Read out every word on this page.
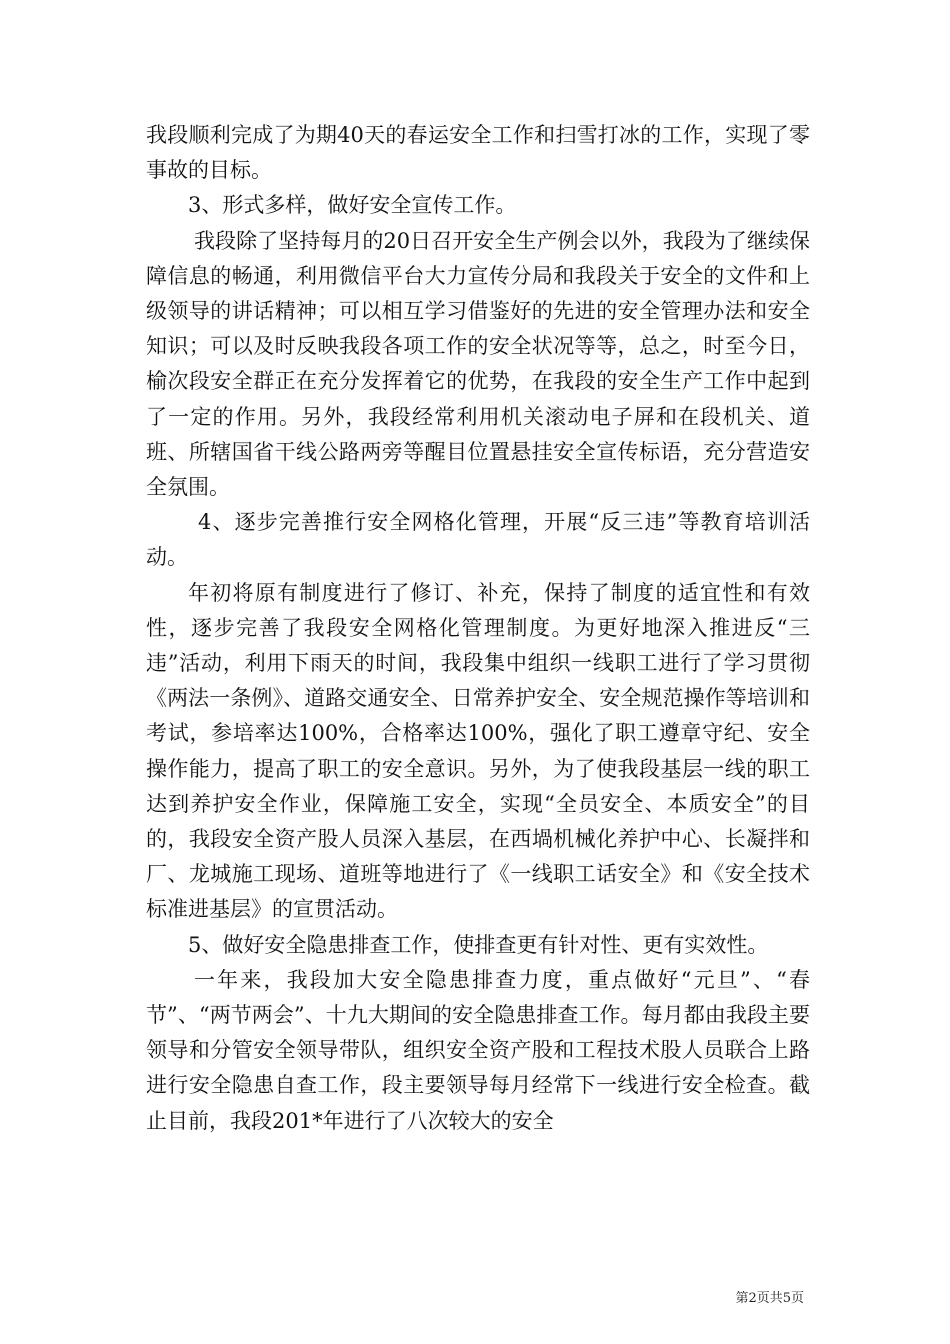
我段顺利完成了为期40天的春运安全工作和扫雪打冰的工作，实现了零事故的目标。

3、形式多样，做好安全宣传工作。

我段除了坚持每月的20日召开安全生产例会以外，我段为了继续保障信息的畅通，利用微信平台大力宣传分局和我段关于安全的文件和上级领导的讲话精神；可以相互学习借鉴好的先进的安全管理办法和安全知识；可以及时反映我段各项工作的安全状况等等，总之，时至今日，榆次段安全群正在充分发挥着它的优势，在我段的安全生产工作中起到了一定的作用。另外，我段经常利用机关滚动电子屏和在段机关、道班、所辖国省干线公路两旁等醒目位置悬挂安全宣传标语，充分营造安全氛围。

4、逐步完善推行安全网格化管理，开展“反三违”等教育培训活动。

年初将原有制度进行了修订、补充，保持了制度的适宜性和有效性，逐步完善了我段安全网格化管理制度。为更好地深入推进反“三违”活动，利用下雨天的时间，我段集中组织一线职工进行了学习贯彻《两法一条例》、道路交通安全、日常养护安全、安全规范操作等培训和考试，参培率达100%，合格率达100%，强化了职工遵章守纪、安全操作能力，提高了职工的安全意识。另外，为了使我段基层一线的职工达到养护安全作业，保障施工安全，实现“全员安全、本质安全”的目的，我段安全资产股人员深入基层，在西堝机械化养护中心、长凝拌和厂、龙城施工现场、道班等地进行了《一线职工话安全》和《安全技术标准进基层》的宣贯活动。

5、做好安全隐患排查工作，使排查更有针对性、更有实效性。

一年来，我段加大安全隐患排查力度，重点做好“元旦”、“春节”、“两节两会”、十九大期间的安全隐患排查工作。每月都由我段主要领导和分管安全领导带队，组织安全资产股和工程技术股人员联合上路进行安全隐患自查工作，段主要领导每月经常下一线进行安全检查。截止目前，我段201*年进行了八次较大的安全

第2页共5页
